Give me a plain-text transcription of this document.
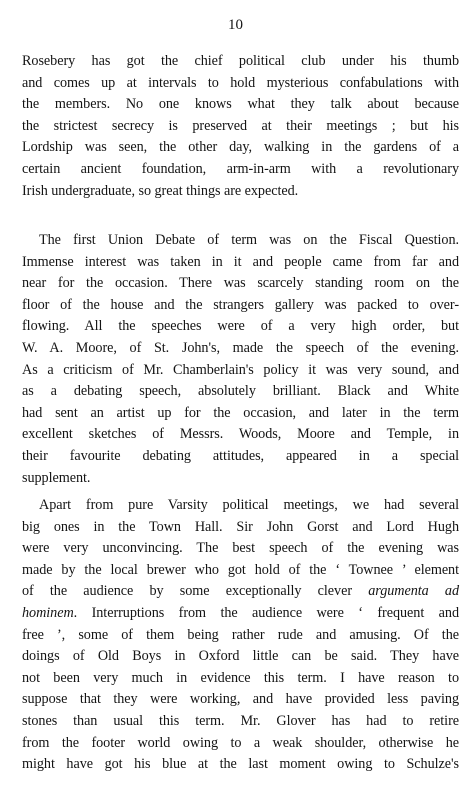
10
Rosebery has got the chief political club under his thumb
and comes up at intervals to hold mysterious confabulations with
the members. No one knows what they talk about because
the strictest secrecy is preserved at their meetings ; but his
Lordship was seen, the other day, walking in the gardens of a
certain ancient foundation, arm-in-arm with a revolutionary
Irish undergraduate, so great things are expected.
The first Union Debate of term was on the Fiscal Question.
Immense interest was taken in it and people came from far and
near for the occasion. There was scarcely standing room on the
floor of the house and the strangers gallery was packed to over-
flowing. All the speeches were of a very high order, but
W. A. Moore, of St. John's, made the speech of the evening.
As a criticism of Mr. Chamberlain's policy it was very sound, and
as a debating speech, absolutely brilliant. Black and White
had sent an artist up for the occasion, and later in the term
excellent sketches of Messrs. Woods, Moore and Temple, in
their favourite debating attitudes, appeared in a special
supplement.
Apart from pure Varsity political meetings, we had several
big ones in the Town Hall. Sir John Gorst and Lord Hugh
were very unconvincing. The best speech of the evening was
made by the local brewer who got hold of the ‘ Townee ’ element
of the audience by some exceptionally clever argumenta ad
hominem. Interruptions from the audience were ‘ frequent and
free ’, some of them being rather rude and amusing. Of the
doings of Old Boys in Oxford little can be said. They have
not been very much in evidence this term. I have reason to
suppose that they were working, and have provided less paving
stones than usual this term. Mr. Glover has had to retire
from the footer world owing to a weak shoulder, otherwise he
might have got his blue at the last moment owing to Schulze's
